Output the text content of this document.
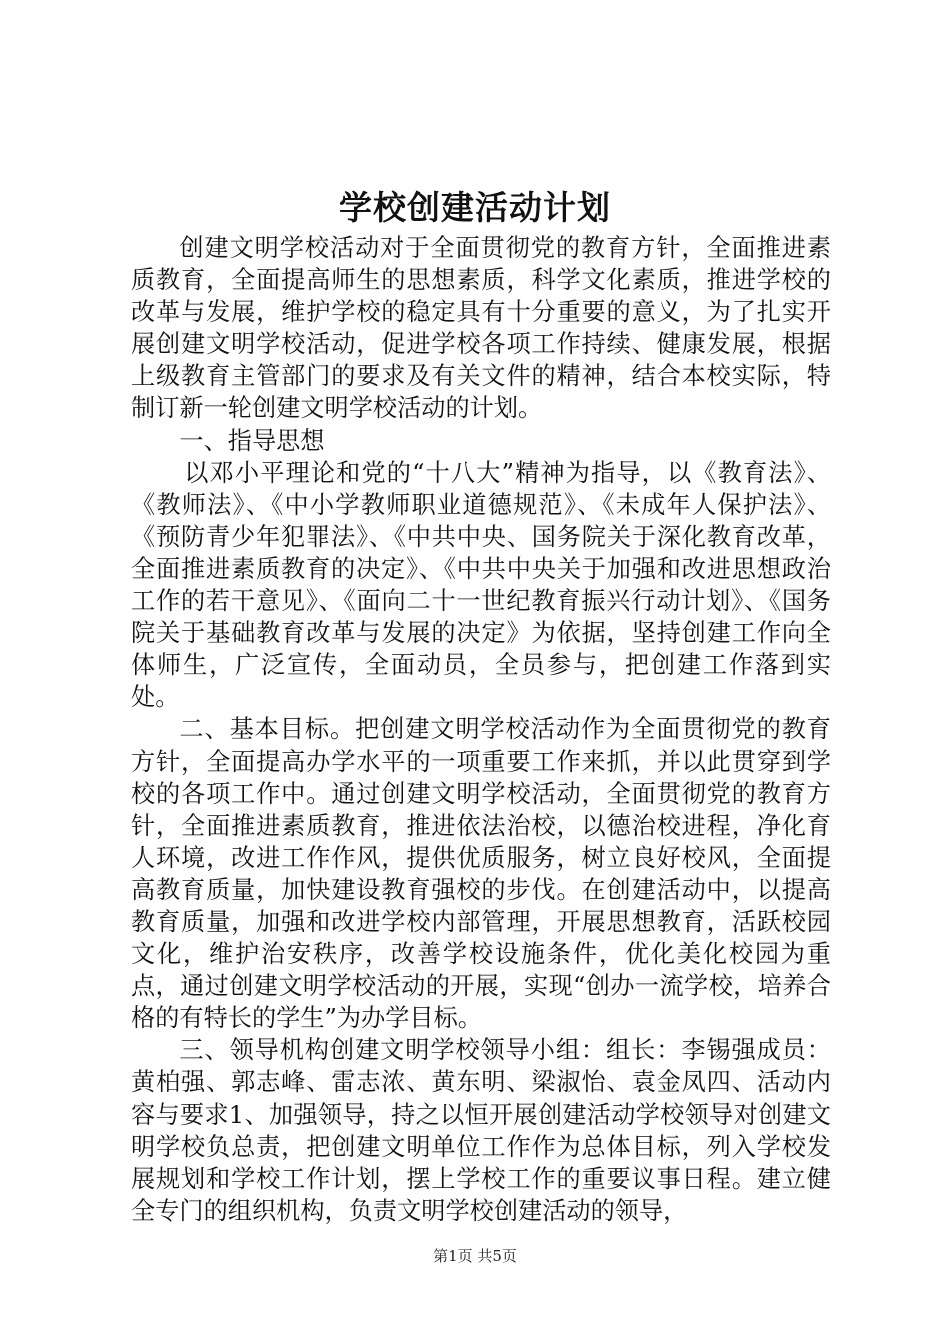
学校创建活动计划

创建文明学校活动对于全面贯彻党的教育方针，全面推进素质教育，全面提高师生的思想素质，科学文化素质，推进学校的改革与发展，维护学校的稳定具有十分重要的意义，为了扎实开展创建文明学校活动，促进学校各项工作持续、健康发展，根据上级教育主管部门的要求及有关文件的精神，结合本校实际，特制订新一轮创建文明学校活动的计划。

一、指导思想

以邓小平理论和党的“十八大”精神为指导，以《教育法》、《教师法》、《中小学教师职业道德规范》、《未成年人保护法》、《预防青少年犯罪法》、《中共中央、国务院关于深化教育改革，全面推进素质教育的决定》、《中共中央关于加强和改进思想政治工作的若干意见》、《面向二十一世纪教育振兴行动计划》、《国务院关于基础教育改革与发展的决定》为依据，坚持创建工作向全体师生，广泛宣传，全面动员，全员参与，把创建工作落到实处。

二、基本目标。把创建文明学校活动作为全面贯彻党的教育方针，全面提高办学水平的一项重要工作来抓，并以此贯穿到学校的各项工作中。通过创建文明学校活动，全面贯彻党的教育方针，全面推进素质教育，推进依法治校，以德治校进程，净化育人环境，改进工作作风，提供优质服务，树立良好校风，全面提高教育质量，加快建设教育强校的步伐。在创建活动中，以提高教育质量，加强和改进学校内部管理，开展思想教育，活跃校园文化，维护治安秩序，改善学校设施条件，优化美化校园为重点，通过创建文明学校活动的开展，实现“创办一流学校，培养合格的有特长的学生”为办学目标。

三、领导机构创建文明学校领导小组：组长：李锡强成员：黄柏强、郭志峰、雷志浓、黄东明、梁淑怡、袁金凤四、活动内容与要求1、加强领导，持之以恒开展创建活动学校领导对创建文明学校负总责，把创建文明单位工作作为总体目标，列入学校发展规划和学校工作计划，摆上学校工作的重要议事日程。建立健全专门的组织机构，负责文明学校创建活动的领导，

第1页 共5页
